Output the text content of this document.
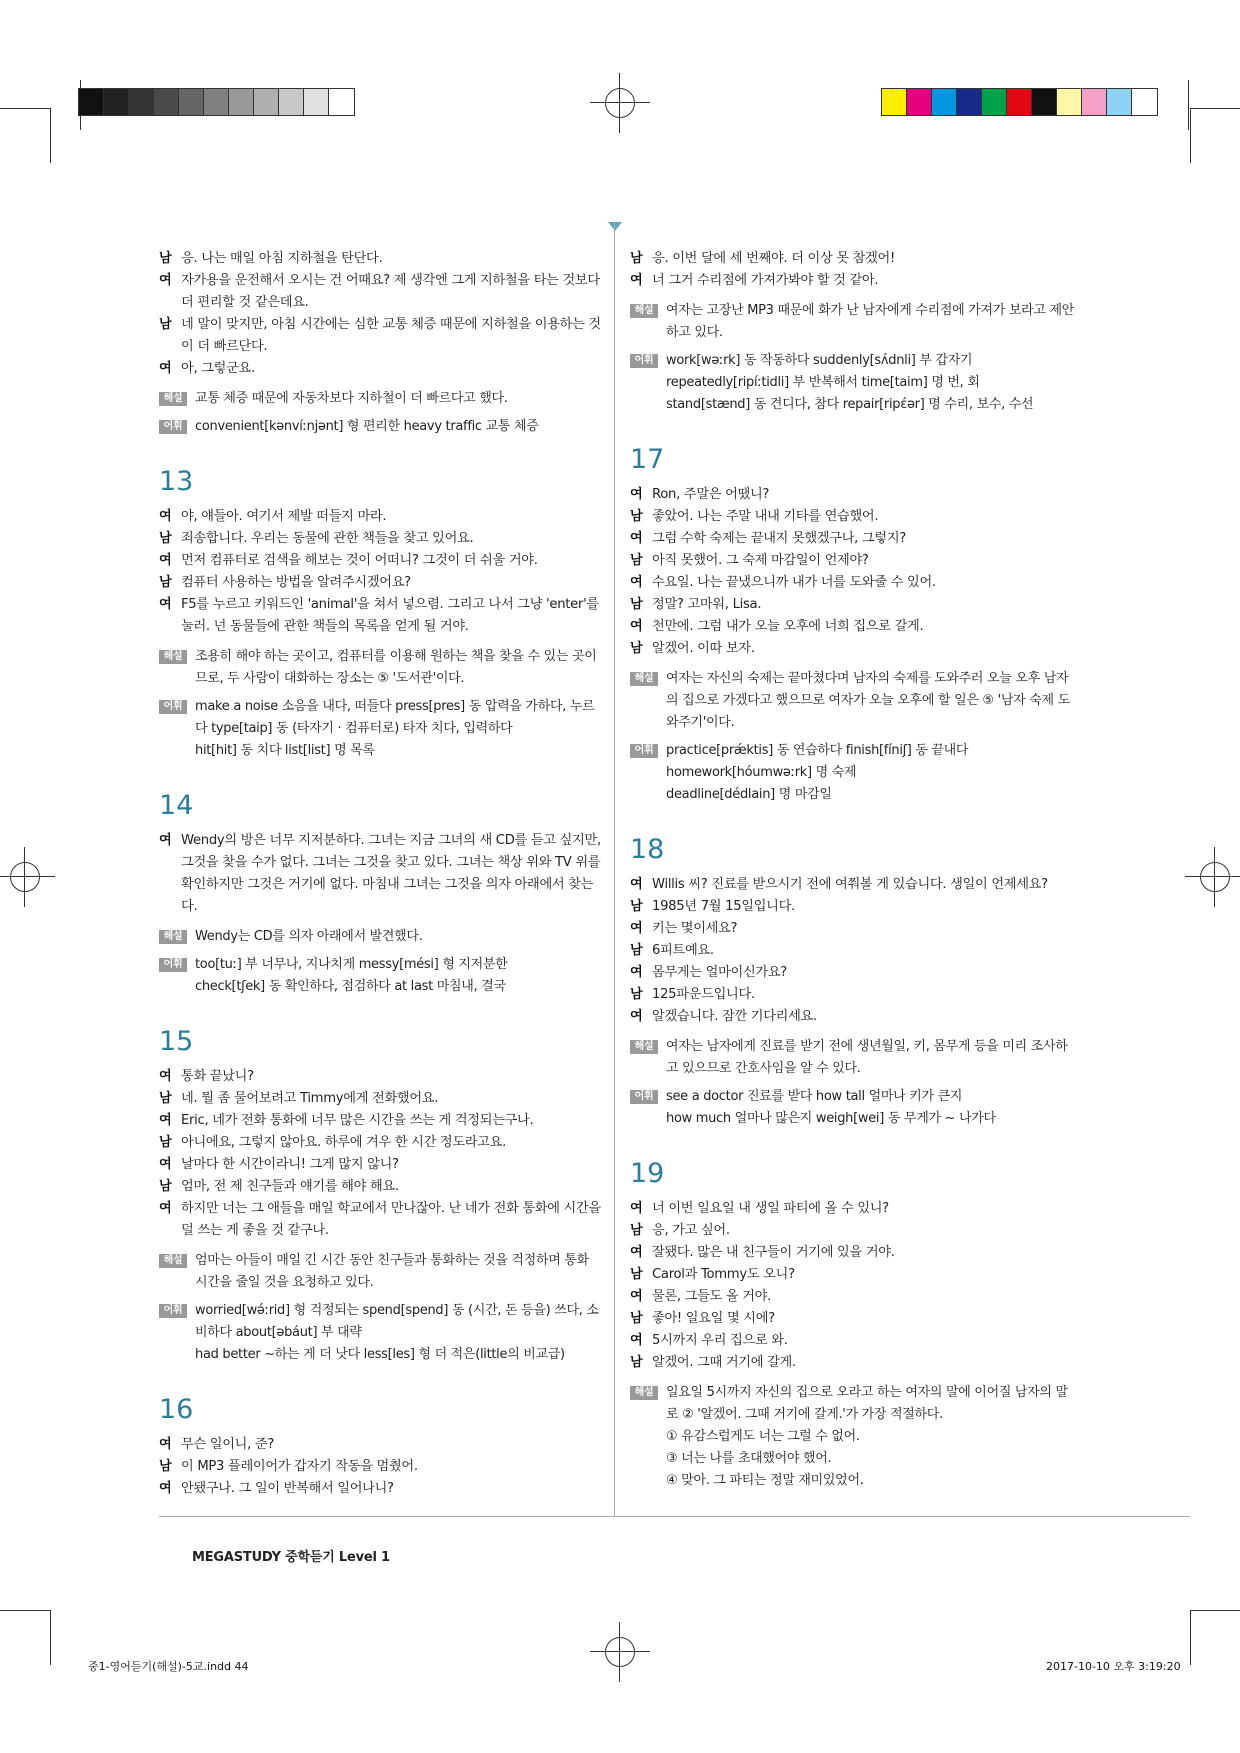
남 응. 나는 매일 아침 지하철을 탄단다.
여 자가용을 운전해서 오시는 건 어때요? 제 생각엔 그게 지하철을 타는 것보다 더 편리할 것 같은데요.
남 네 말이 맞지만, 아침 시간에는 심한 교통 체증 때문에 지하철을 이용하는 것이 더 빠르단다.
여 아, 그렇군요.
해설 교통 체증 때문에 자동차보다 지하철이 더 빠르다고 했다.
어휘 convenient[kənvíːnjənt] 형 편리한 heavy traffic 교통 체증
13
여 야, 얘들아. 여기서 제발 떠들지 마라.
남 죄송합니다. 우리는 동물에 관한 책들을 찾고 있어요.
여 먼저 컴퓨터로 검색을 해보는 것이 어떠니? 그것이 더 쉬울 거야.
남 컴퓨터 사용하는 방법을 알려주시겠어요?
여 F5를 누르고 키워드인 'animal'을 쳐서 넣으렴. 그리고 나서 그냥 'enter'를 눌러. 넌 동물들에 관한 책들의 목록을 얻게 될 거야.
해설 조용히 해야 하는 곳이고, 컴퓨터를 이용해 원하는 책을 찾을 수 있는 곳이므로, 두 사람이 대화하는 장소는 ⑤ '도서관'이다.
어휘 make a noise 소음을 내다, 떠들다 press[pres] 동 압력을 가하다, 누르다 type[taip] 동 (타자기 · 컴퓨터로) 타자 치다, 입력하다
hit[hit] 동 치다 list[list] 명 목록
14
여 Wendy의 방은 너무 지저분하다. 그녀는 지금 그녀의 새 CD를 듣고 싶지만, 그것을 찾을 수가 없다. 그녀는 그것을 찾고 있다. 그녀는 책상 위와 TV 위를 확인하지만 그것은 거기에 없다. 마침내 그녀는 그것을 의자 아래에서 찾는다.
해설 Wendy는 CD를 의자 아래에서 발견했다.
어휘 too[tuː] 부 너무나, 지나치게 messy[mési] 형 지저분한
check[tʃek] 동 확인하다, 점검하다 at last 마침내, 결국
15
여 통화 끝났니?
남 네. 뭘 좀 물어보려고 Timmy에게 전화했어요.
여 Eric, 네가 전화 통화에 너무 많은 시간을 쓰는 게 걱정되는구나.
남 아니에요, 그렇지 않아요. 하루에 겨우 한 시간 정도라고요.
여 날마다 한 시간이라니! 그게 많지 않니?
남 엄마, 전 제 친구들과 얘기를 해야 해요.
여 하지만 너는 그 애들을 매일 학교에서 만나잖아. 난 네가 전화 통화에 시간을 덜 쓰는 게 좋을 것 같구나.
해설 엄마는 아들이 매일 긴 시간 동안 친구들과 통화하는 것을 걱정하며 통화 시간을 줄일 것을 요청하고 있다.
어휘 worried[wə́ːrid] 형 걱정되는 spend[spend] 동 (시간, 돈 등을) 쓰다, 소비하다 about[əbáut] 부 대략
had better ~하는 게 더 낫다 less[les] 형 더 적은(little의 비교급)
16
여 무슨 일이니, 준?
남 이 MP3 플레이어가 갑자기 작동을 멈췄어.
여 안됐구나. 그 일이 반복해서 일어나니?
남 응. 이번 달에 세 번째야. 더 이상 못 참겠어!
여 너 그거 수리점에 가져가봐야 할 것 같아.
해설 여자는 고장난 MP3 때문에 화가 난 남자에게 수리점에 가져가 보라고 제안하고 있다.
어휘 work[wəːrk] 동 작동하다 suddenly[sʌ́dnli] 부 갑자기
repeatedly[ripíːtidli] 부 반복해서 time[taim] 명 번, 회
stand[stænd] 동 견디다, 참다 repair[ripέər] 명 수리, 보수, 수선
17
여 Ron, 주말은 어땠니?
남 좋았어. 나는 주말 내내 기타를 연습했어.
여 그럼 수학 숙제는 끝내지 못했겠구나, 그렇지?
남 아직 못했어. 그 숙제 마감일이 언제야?
여 수요일. 나는 끝냈으니까 내가 너를 도와줄 수 있어.
남 정말? 고마워, Lisa.
여 천만에. 그럼 내가 오늘 오후에 너희 집으로 갈게.
남 알겠어. 이따 보자.
해설 여자는 자신의 숙제는 끝마쳤다며 남자의 숙제를 도와주러 오늘 오후 남자의 집으로 가겠다고 했으므로 여자가 오늘 오후에 할 일은 ⑤ '남자 숙제 도와주기'이다.
어휘 practice[prǽktis] 동 연습하다 finish[fíniʃ] 동 끝내다
homework[hóumwəːrk] 명 숙제
deadline[dédlain] 명 마감일
18
여 Willis 씨? 진료를 받으시기 전에 여쭤볼 게 있습니다. 생일이 언제세요?
남 1985년 7월 15일입니다.
여 키는 몇이세요?
남 6피트예요.
여 몸무게는 얼마이신가요?
남 125파운드입니다.
여 알겠습니다. 잠깐 기다리세요.
해설 여자는 남자에게 진료를 받기 전에 생년월일, 키, 몸무게 등을 미리 조사하고 있으므로 간호사임을 알 수 있다.
어휘 see a doctor 진료를 받다 how tall 얼마나 키가 큰지
how much 얼마나 많은지 weigh[wei] 동 무게가 ~ 나가다
19
여 너 이번 일요일 내 생일 파티에 올 수 있니?
남 응, 가고 싶어.
여 잘됐다. 많은 내 친구들이 거기에 있을 거야.
남 Carol과 Tommy도 오니?
여 물론, 그들도 올 거야.
남 좋아! 일요일 몇 시에?
여 5시까지 우리 집으로 와.
남 알겠어. 그때 거기에 갈게.
해설 일요일 5시까지 자신의 집으로 오라고 하는 여자의 말에 이어질 남자의 말로 ② '알겠어. 그때 거기에 갈게.'가 가장 적절하다.
① 유감스럽게도 너는 그럴 수 없어.
③ 너는 나를 초대했어야 했어.
④ 맞아. 그 파티는 정말 재미있었어.
MEGASTUDY 중학듣기 Level 1
중1-영어듣기(해설)-5교.indd 44	2017-10-10 오후 3:19:20
